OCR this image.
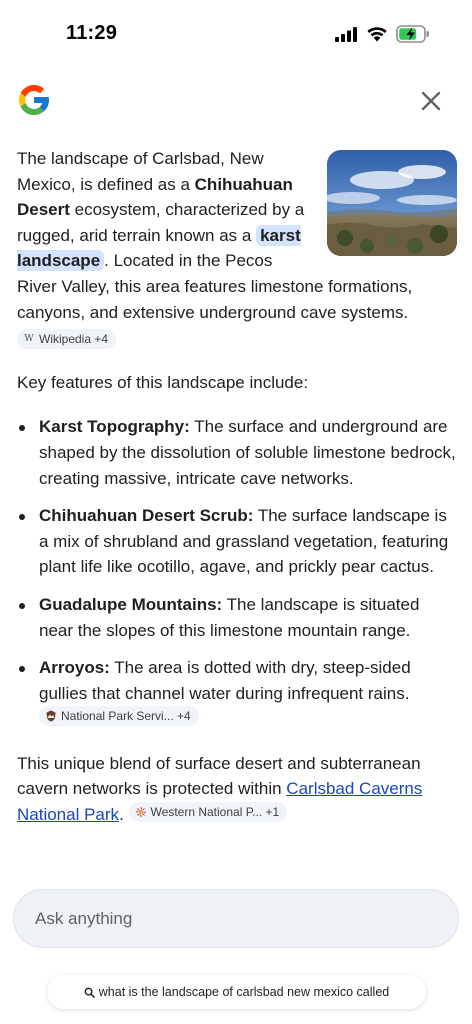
11:29

The landscape of Carlsbad, New Mexico, is defined as a Chihuahuan Desert ecosystem, characterized by a rugged, arid terrain known as a karst landscape . Located in the Pecos River Valley, this area features limestone formations, canyons, and extensive underground cave systems.
W Wikipedia +4

Key features of this landscape include:

Karst Topography: The surface and underground are shaped by the dissolution of soluble limestone bedrock, creating massive, intricate cave networks.
Chihuahuan Desert Scrub: The surface landscape is a mix of shrubland and grassland vegetation, featuring plant life like ocotillo, agave, and prickly pear cactus.
Guadalupe Mountains: The landscape is situated near the slopes of this limestone mountain range.
Arroyos: The area is dotted with dry, steep-sided gullies that channel water during infrequent rains.
National Park Servi... +4

This unique blend of surface desert and subterranean cavern networks is protected within Carlsbad Caverns National Park. Western National P... +1

Ask anything
what is the landscape of carlsbad new mexico called
